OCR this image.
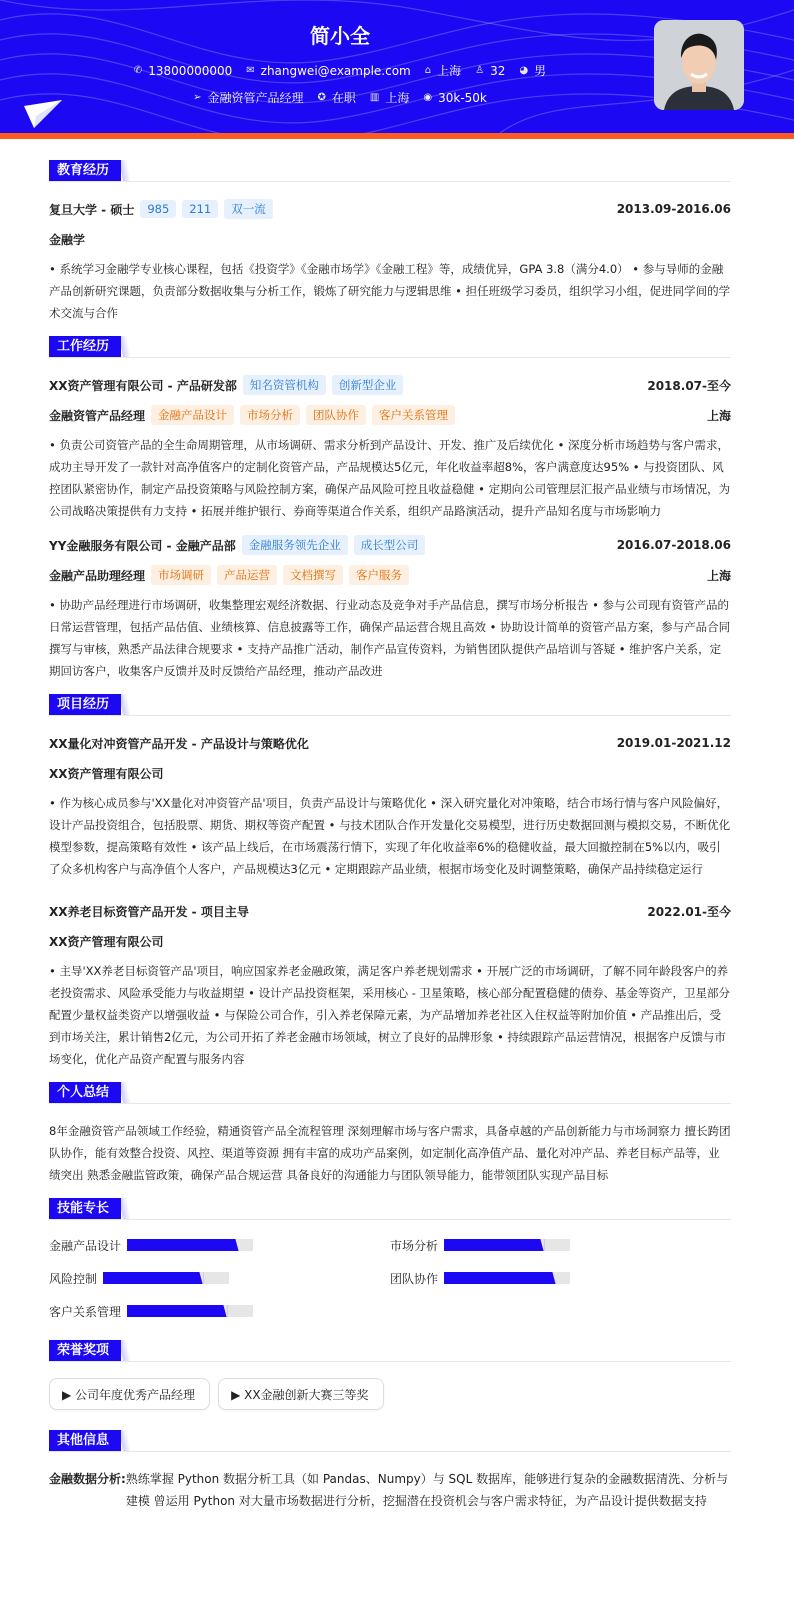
简小全
✆ 13800000000 ✉ zhangwei@example.com ⌂ 上海 ♙ 32 ◕ 男
➢ 金融资管产品经理 ✪ 在职 ▥ 上海 ◉ 30k-50k
教育经历
复旦大学 - 硕士	985	211	双一流	2013.09-2016.06
金融学
• 系统学习金融学专业核心课程，包括《投资学》《金融市场学》《金融工程》等，成绩优异，GPA 3.8（满分4.0） • 参与导师的金融产品创新研究课题，负责部分数据收集与分析工作，锻炼了研究能力与逻辑思维 • 担任班级学习委员，组织学习小组，促进同学间的学术交流与合作
工作经历
XX资产管理有限公司 - 产品研发部	知名资管机构	创新型企业	2018.07-至今
金融资管产品经理	金融产品设计	市场分析	团队协作	客户关系管理	上海
• 负责公司资管产品的全生命周期管理，从市场调研、需求分析到产品设计、开发、推广及后续优化 • 深度分析市场趋势与客户需求，成功主导开发了一款针对高净值客户的定制化资管产品，产品规模达5亿元，年化收益率超8%，客户满意度达95% • 与投资团队、风控团队紧密协作，制定产品投资策略与风险控制方案，确保产品风险可控且收益稳健 • 定期向公司管理层汇报产品业绩与市场情况，为公司战略决策提供有力支持 • 拓展并维护银行、券商等渠道合作关系，组织产品路演活动，提升产品知名度与市场影响力
YY金融服务有限公司 - 金融产品部	金融服务领先企业	成长型公司	2016.07-2018.06
金融产品助理经理	市场调研	产品运营	文档撰写	客户服务	上海
• 协助产品经理进行市场调研，收集整理宏观经济数据、行业动态及竞争对手产品信息，撰写市场分析报告 • 参与公司现有资管产品的日常运营管理，包括产品估值、业绩核算、信息披露等工作，确保产品运营合规且高效 • 协助设计简单的资管产品方案，参与产品合同撰写与审核，熟悉产品法律合规要求 • 支持产品推广活动，制作产品宣传资料，为销售团队提供产品培训与答疑 • 维护客户关系，定期回访客户，收集客户反馈并及时反馈给产品经理，推动产品改进
项目经历
XX量化对冲资管产品开发 - 产品设计与策略优化	2019.01-2021.12
XX资产管理有限公司
• 作为核心成员参与'XX量化对冲资管产品'项目，负责产品设计与策略优化 • 深入研究量化对冲策略，结合市场行情与客户风险偏好，设计产品投资组合，包括股票、期货、期权等资产配置 • 与技术团队合作开发量化交易模型，进行历史数据回测与模拟交易，不断优化模型参数，提高策略有效性 • 该产品上线后，在市场震荡行情下，实现了年化收益率6%的稳健收益，最大回撤控制在5%以内，吸引了众多机构客户与高净值个人客户，产品规模达3亿元 • 定期跟踪产品业绩，根据市场变化及时调整策略，确保产品持续稳定运行
XX养老目标资管产品开发 - 项目主导	2022.01-至今
XX资产管理有限公司
• 主导'XX养老目标资管产品'项目，响应国家养老金融政策，满足客户养老规划需求 • 开展广泛的市场调研，了解不同年龄段客户的养老投资需求、风险承受能力与收益期望 • 设计产品投资框架，采用核心 - 卫星策略，核心部分配置稳健的债券、基金等资产，卫星部分配置少量权益类资产以增强收益 • 与保险公司合作，引入养老保障元素，为产品增加养老社区入住权益等附加价值 • 产品推出后，受到市场关注，累计销售2亿元，为公司开拓了养老金融市场领域，树立了良好的品牌形象 • 持续跟踪产品运营情况，根据客户反馈与市场变化，优化产品资产配置与服务内容
个人总结
8年金融资管产品领域工作经验，精通资管产品全流程管理 深刻理解市场与客户需求，具备卓越的产品创新能力与市场洞察力 擅长跨团队协作，能有效整合投资、风控、渠道等资源 拥有丰富的成功产品案例，如定制化高净值产品、量化对冲产品、养老目标产品等，业绩突出 熟悉金融监管政策，确保产品合规运营 具备良好的沟通能力与团队领导能力，能带领团队实现产品目标
技能专长
金融产品设计	市场分析
风险控制	团队协作
客户关系管理
荣誉奖项
▶ 公司年度优秀产品经理	▶ XX金融创新大赛三等奖
其他信息
金融数据分析: 熟练掌握 Python 数据分析工具（如 Pandas、Numpy）与 SQL 数据库，能够进行复杂的金融数据清洗、分析与建模 曾运用 Python 对大量市场数据进行分析，挖掘潜在投资机会与客户需求特征，为产品设计提供数据支持
